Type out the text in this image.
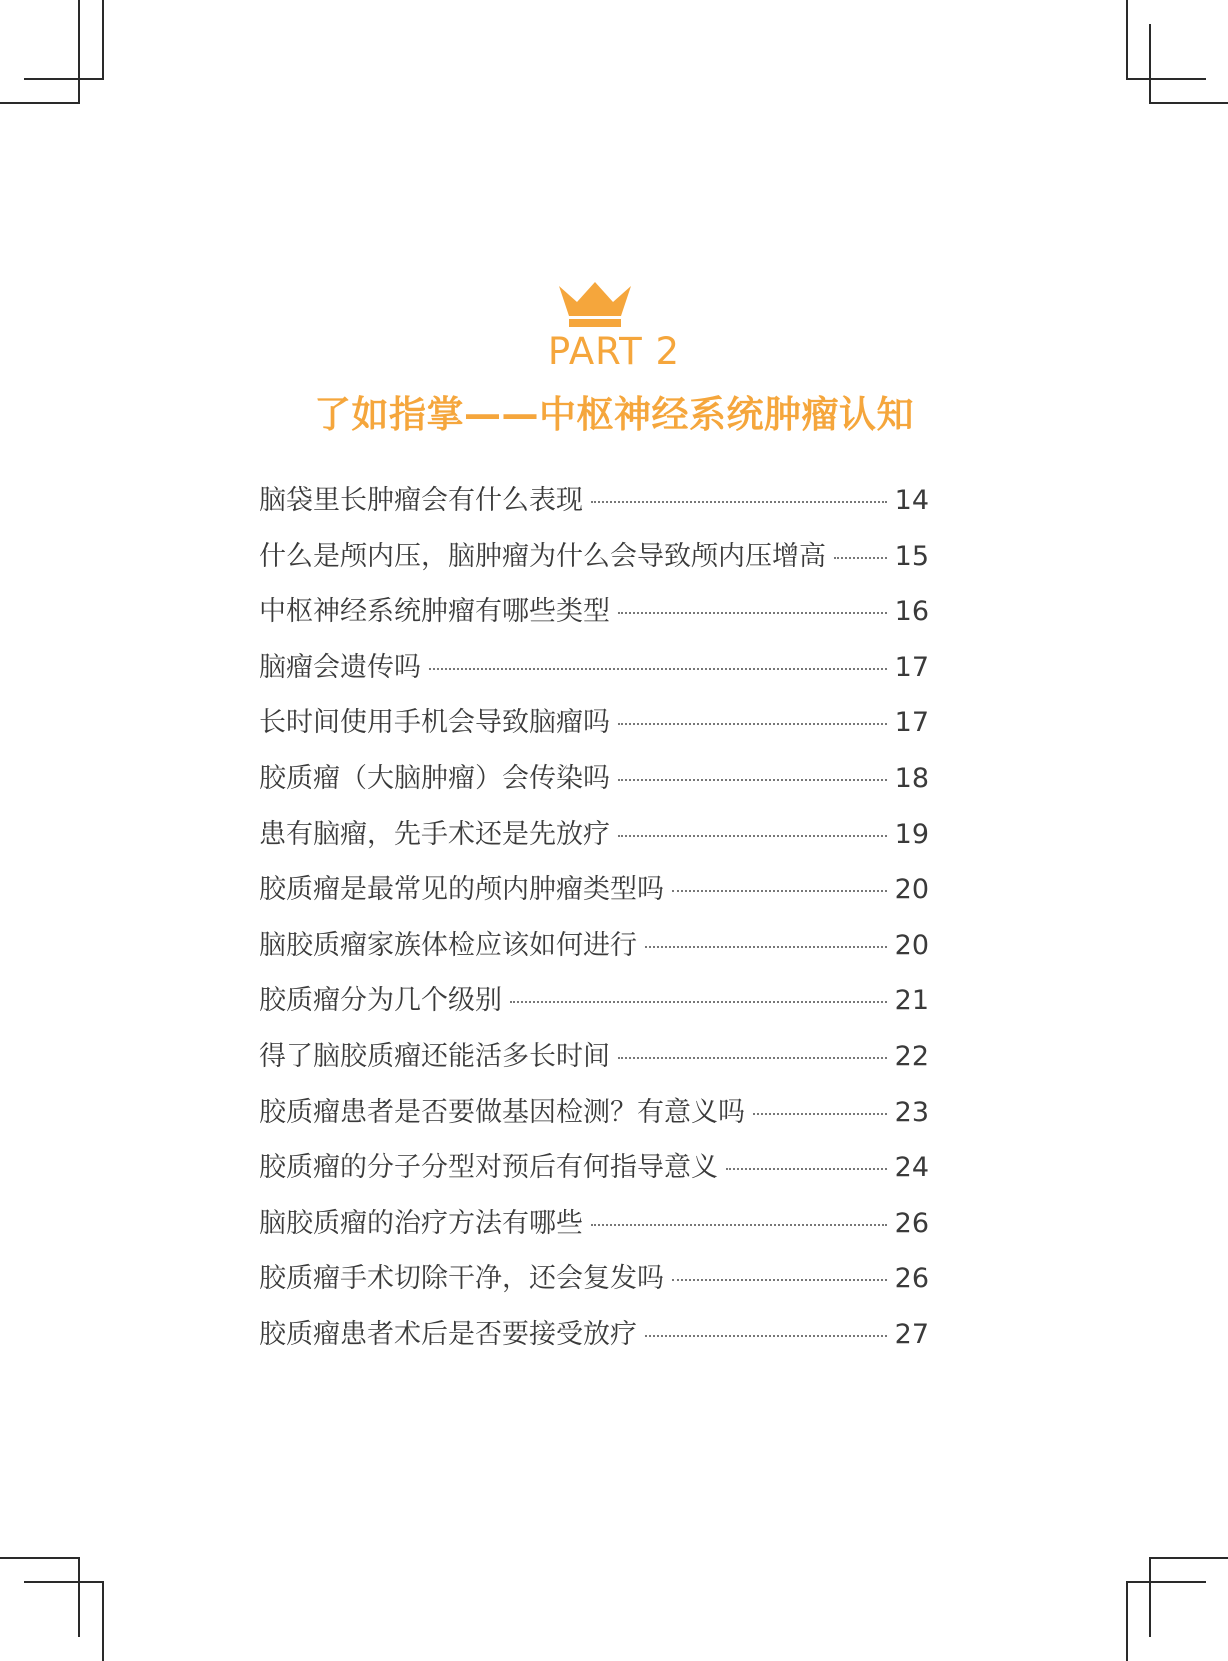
PART 2
了如指掌——中枢神经系统肿瘤认知
脑袋里长肿瘤会有什么表现	14
什么是颅内压，脑肿瘤为什么会导致颅内压增高	15
中枢神经系统肿瘤有哪些类型	16
脑瘤会遗传吗	17
长时间使用手机会导致脑瘤吗	17
胶质瘤（大脑肿瘤）会传染吗	18
患有脑瘤，先手术还是先放疗	19
胶质瘤是最常见的颅内肿瘤类型吗	20
脑胶质瘤家族体检应该如何进行	20
胶质瘤分为几个级别	21
得了脑胶质瘤还能活多长时间	22
胶质瘤患者是否要做基因检测？有意义吗	23
胶质瘤的分子分型对预后有何指导意义	24
脑胶质瘤的治疗方法有哪些	26
胶质瘤手术切除干净，还会复发吗	26
胶质瘤患者术后是否要接受放疗	27
